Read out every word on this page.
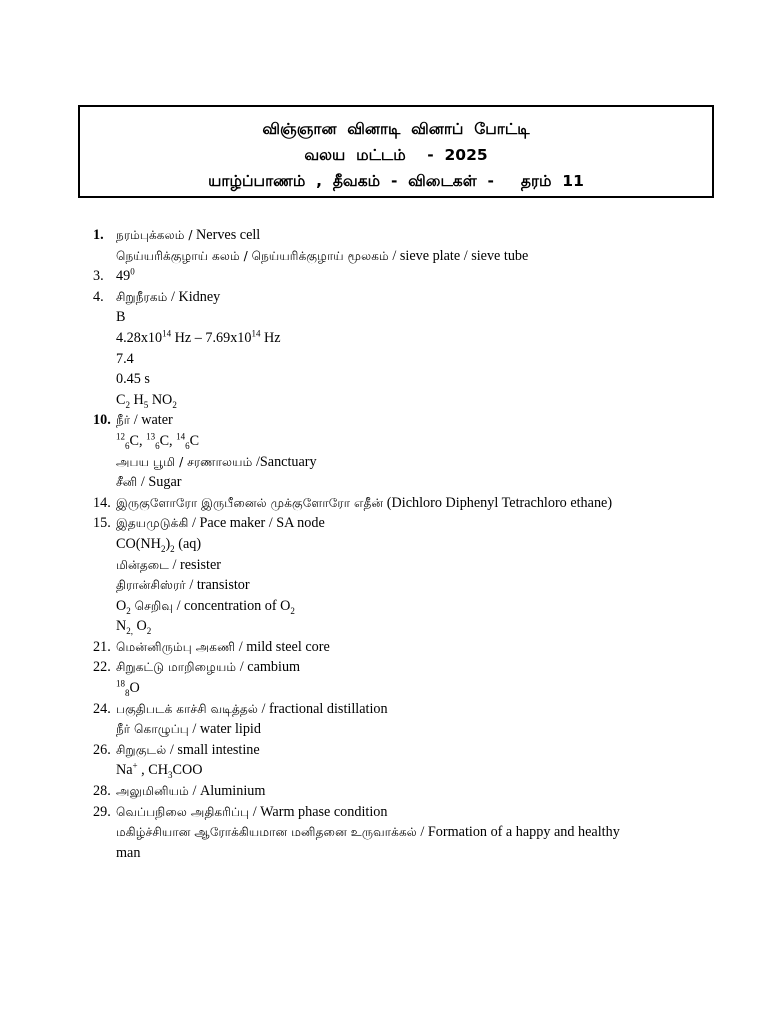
விஞ்ஞான  வினாடி  வினாப்  போட்டி
வலய  மட்டம்    -  2025
யாழ்ப்பாணம்  ,  தீவகம்  -  விடைகள்  -     தரம்  11
1. நரம்புக்கலம் / Nerves cell
நெய்யரிக்குழாய் கலம் / நெய்யரிக்குழாய் மூலகம் / sieve plate / sieve tube
3. $49^0$
4. சிறுநீரகம் / Kidney
B
$4.28x10^{14}$ Hz – $7.69x10^{14}$ Hz
7.4
0.45 s
$C_2$ $H_5$ $NO_2$
10. நீர் / water
$^{12}_6$C, $^{13}_6$C, $^{14}_6$C
அபய பூமி / சரணாலயம் /Sanctuary
சீனி / Sugar
14. இருகுளோரோ இருபீனைல் முக்குளோரோ எதீன் (Dichloro Diphenyl Tetrachloro ethane)
15. இதயமுடுக்கி / Pace maker / SA node
$CO(NH_2)_2$ (aq)
மின்தடை / resister
திரான்சிஸ்ரர் / transistor
$O_2$ செறிவு / concentration of $O_2$
$N_{2,}$ $O_2$
21. மென்னிரும்பு அகணி / mild steel core
22. சிறுகட்டு மாறிழையம் / cambium
$^{18}_8$O
24. பகுதிபடக் காச்சி வடித்தல் / fractional distillation
நீர் கொழுப்பு / water lipid
26. சிறுகுடல் / small intestine
Na+ , $CH_3COO$
28. அலுமினியம் / Aluminium
29. வெப்பநிலை அதிகரிப்பு / Warm phase condition
மகிழ்ச்சியான ஆரோக்கியமான மனிதனை உருவாக்கல் / Formation of a happy and healthy
man
